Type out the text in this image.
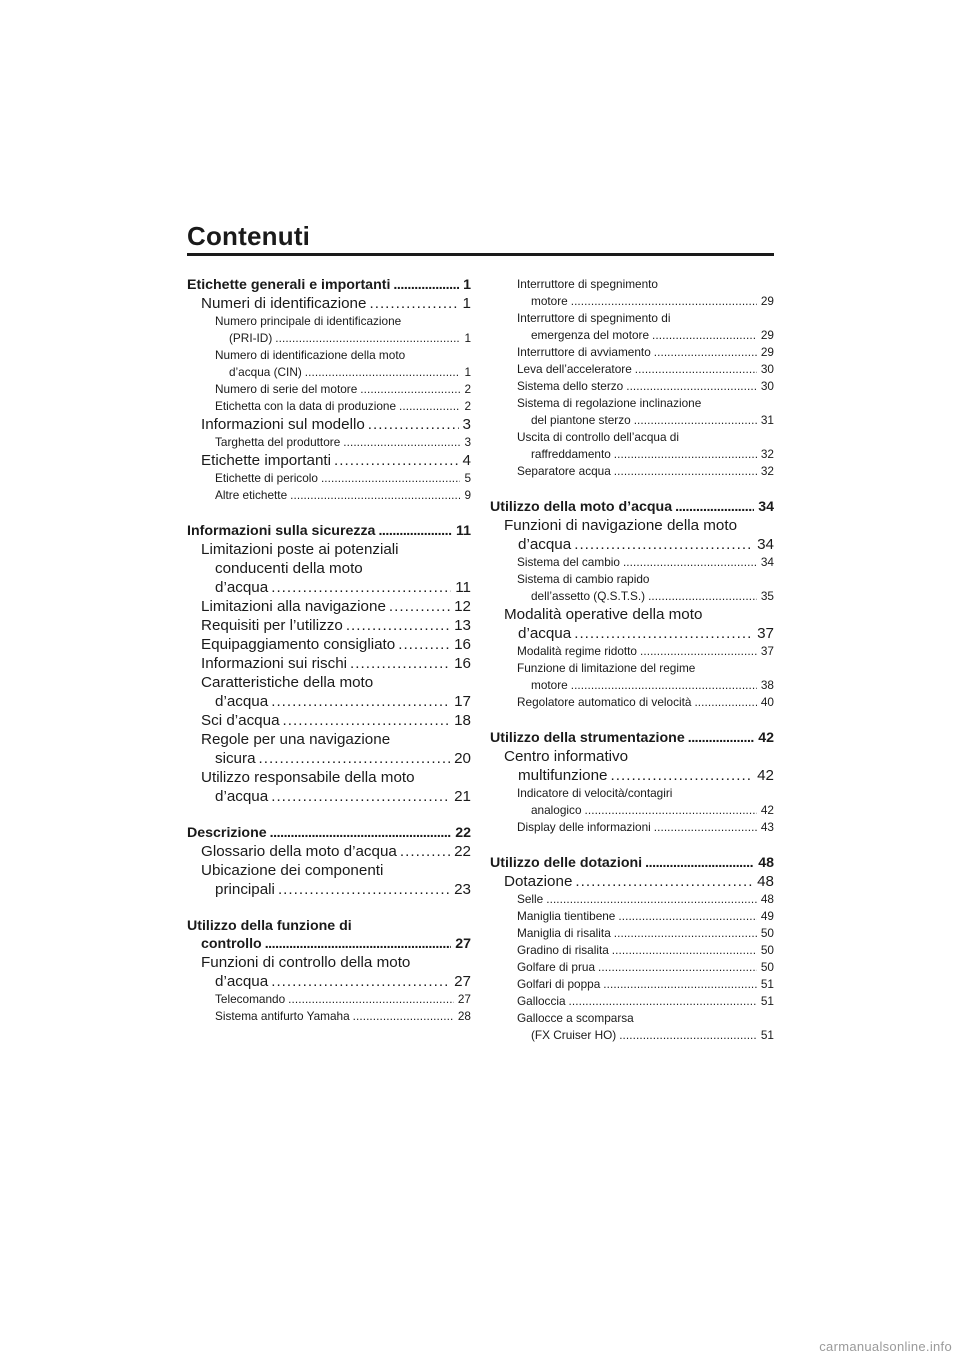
Contenuti
Etichette generali e importanti . . .	1
Numeri di identificazione . . .	1
Numero principale di identificazione
(PRI-ID) . . .	1
Numero di identificazione della moto
d’acqua (CIN) . . .	1
Numero di serie del motore . . .	2
Etichetta con la data di produzione . . .	2
Informazioni sul modello . . .	3
Targhetta del produttore . . .	3
Etichette importanti . . .	4
Etichette di pericolo . . .	5
Altre etichette . . .	9
Informazioni sulla sicurezza . . .	11
Limitazioni poste ai potenziali
conducenti della moto
d’acqua . . .	11
Limitazioni alla navigazione . . .	12
Requisiti per l’utilizzo . . .	13
Equipaggiamento consigliato . . .	16
Informazioni sui rischi . . .	16
Caratteristiche della moto
d’acqua . . .	17
Sci d’acqua . . .	18
Regole per una navigazione
sicura . . .	20
Utilizzo responsabile della moto
d’acqua . . .	21
Descrizione . . .	22
Glossario della moto d’acqua . . .	22
Ubicazione dei componenti
principali . . .	23
Utilizzo della funzione di
controllo . . .	27
Funzioni di controllo della moto
d’acqua . . .	27
Telecomando . . .	27
Sistema antifurto Yamaha . . .	28
Interruttore di spegnimento
motore . . .	29
Interruttore di spegnimento di
emergenza del motore . . .	29
Interruttore di avviamento . . .	29
Leva dell’acceleratore . . .	30
Sistema dello sterzo . . .	30
Sistema di regolazione inclinazione
del piantone sterzo . . .	31
Uscita di controllo dell’acqua di
raffreddamento . . .	32
Separatore acqua . . .	32
Utilizzo della moto d’acqua . . .	34
Funzioni di navigazione della moto
d’acqua . . .	34
Sistema del cambio . . .	34
Sistema di cambio rapido
dell’assetto (Q.S.T.S.) . . .	35
Modalità operative della moto
d’acqua . . .	37
Modalità regime ridotto . . .	37
Funzione di limitazione del regime
motore . . .	38
Regolatore automatico di velocità . . .	40
Utilizzo della strumentazione . . .	42
Centro informativo
multifunzione . . .	42
Indicatore di velocità/contagiri
analogico . . .	42
Display delle informazioni . . .	43
Utilizzo delle dotazioni . . .	48
Dotazione . . .	48
Selle . . .	48
Maniglia tientibene . . .	49
Maniglia di risalita . . .	50
Gradino di risalita . . .	50
Golfare di prua . . .	50
Golfari di poppa . . .	51
Galloccia . . .	51
Gallocce a scomparsa
(FX Cruiser HO) . . .	51
carmanualsonline.info
